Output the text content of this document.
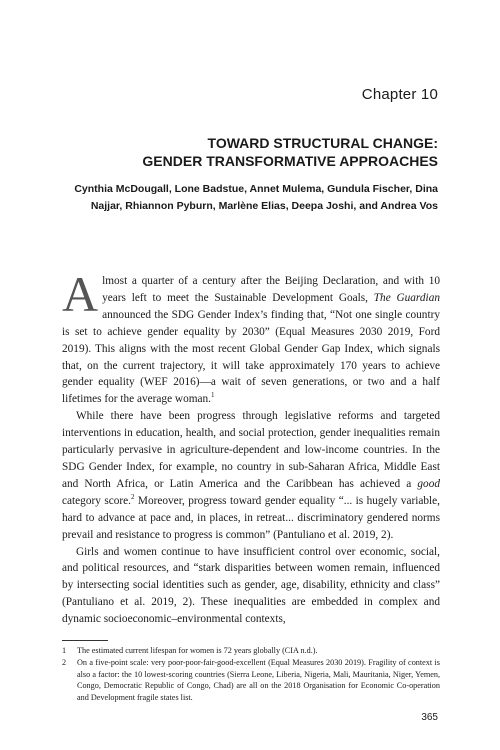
Chapter 10
TOWARD STRUCTURAL CHANGE:
GENDER TRANSFORMATIVE APPROACHES
Cynthia McDougall, Lone Badstue, Annet Mulema, Gundula Fischer, Dina
Najjar, Rhiannon Pyburn, Marlène Elias, Deepa Joshi, and Andrea Vos

Almost a quarter of a century after the Beijing Declaration, and with 10 years left to meet the Sustainable Development Goals, The Guardian announced the SDG Gender Index’s finding that, “Not one single country is set to achieve gender equality by 2030” (Equal Measures 2030 2019, Ford 2019). This aligns with the most recent Global Gender Gap Index, which signals that, on the current trajectory, it will take approximately 170 years to achieve gender equality (WEF 2016)—a wait of seven generations, or two and a half lifetimes for the average woman.$^1$

While there have been progress through legislative reforms and targeted interventions in education, health, and social protection, gender inequalities remain particularly pervasive in agriculture-dependent and low-income countries. In the SDG Gender Index, for example, no country in sub-Saharan Africa, Middle East and North Africa, or Latin America and the Caribbean has achieved a good category score.$^2$ Moreover, progress toward gender equality “... is hugely variable, hard to advance at pace and, in places, in retreat... discriminatory gendered norms prevail and resistance to progress is common” (Pantuliano et al. 2019, 2).

Girls and women continue to have insufficient control over economic, social, and political resources, and “stark disparities between women remain, influenced by intersecting social identities such as gender, age, disability, ethnicity and class” (Pantuliano et al. 2019, 2). These inequalities are embedded in complex and dynamic socioeconomic–environmental contexts,

1	The estimated current lifespan for women is 72 years globally (CIA n.d.).
2	On a five-point scale: very poor-poor-fair-good-excellent (Equal Measures 2030 2019). Fragility of context is also a factor: the 10 lowest-scoring countries (Sierra Leone, Liberia, Nigeria, Mali, Mauritania, Niger, Yemen, Congo, Democratic Republic of Congo, Chad) are all on the 2018 Organisation for Economic Co-operation and Development fragile states list.
365
